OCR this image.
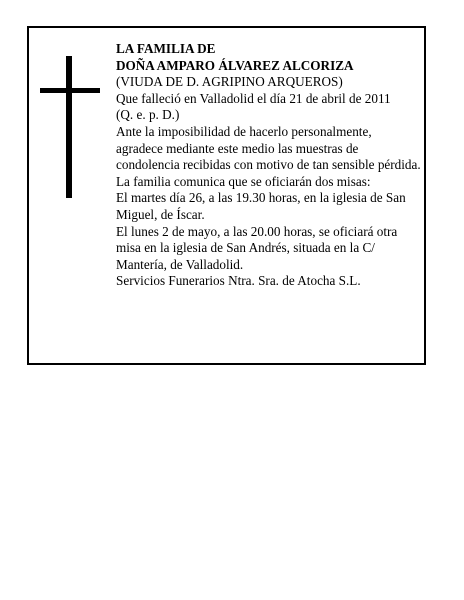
LA FAMILIA DE

DOÑA AMPARO ÁLVAREZ ALCORIZA

(VIUDA DE D. AGRIPINO ARQUEROS)

Que falleció en Valladolid el día 21 de abril de 2011

(Q. e. p. D.)

Ante la imposibilidad de hacerlo personalmente, agradece mediante este medio las muestras de condolencia recibidas con motivo de tan sensible pérdida.

La familia comunica que se oficiarán dos misas:

El martes día 26, a las 19.30 horas, en la iglesia de San Miguel, de Íscar.

El lunes 2 de mayo, a las 20.00 horas, se oficiará otra misa en la iglesia de San Andrés, situada en la C/ Mantería, de Valladolid.

Servicios Funerarios Ntra. Sra. de Atocha S.L.
